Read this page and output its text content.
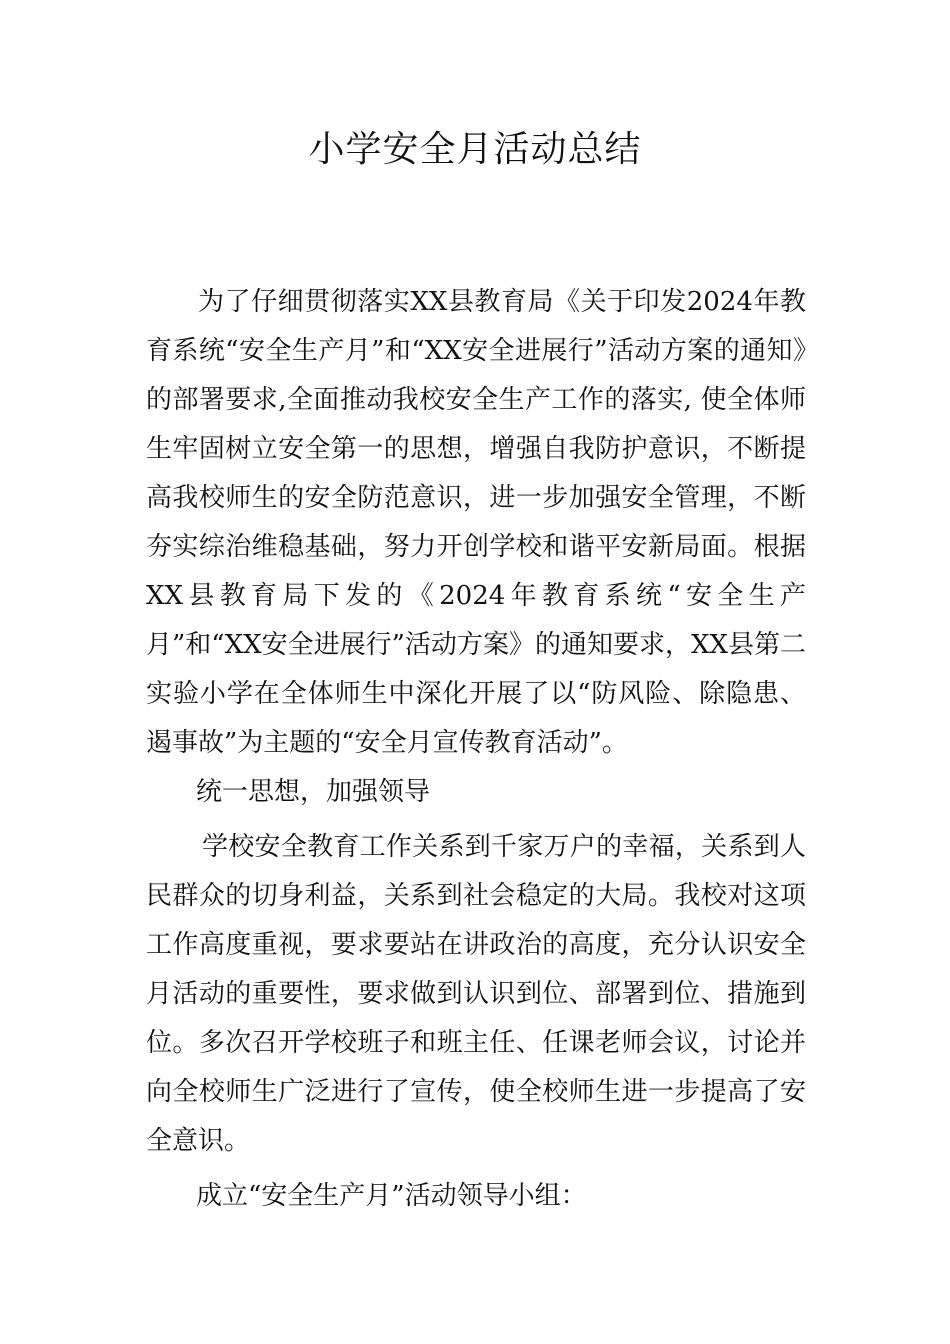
小学安全月活动总结

为了仔细贯彻落实XX县教育局《关于印发2024年教育系统“安全生产月”和“XX安全进展行”活动方案的通知》的部署要求,全面推动我校安全生产工作的落实, 使全体师生牢固树立安全第一的思想，增强自我防护意识，不断提高我校师生的安全防范意识，进一步加强安全管理，不断夯实综治维稳基础，努力开创学校和谐平安新局面。根据XX县教育局下发的《2024年教育系统“安全生产月”和“XX安全进展行”活动方案》的通知要求，XX县第二实验小学在全体师生中深化开展了以“防风险、除隐患、遏事故”为主题的“安全月宣传教育活动”。

统一思想，加强领导

学校安全教育工作关系到千家万户的幸福，关系到人民群众的切身利益，关系到社会稳定的大局。我校对这项工作高度重视，要求要站在讲政治的高度，充分认识安全月活动的重要性，要求做到认识到位、部署到位、措施到位。多次召开学校班子和班主任、任课老师会议，讨论并向全校师生广泛进行了宣传，使全校师生进一步提高了安全意识。

成立“安全生产月”活动领导小组：
